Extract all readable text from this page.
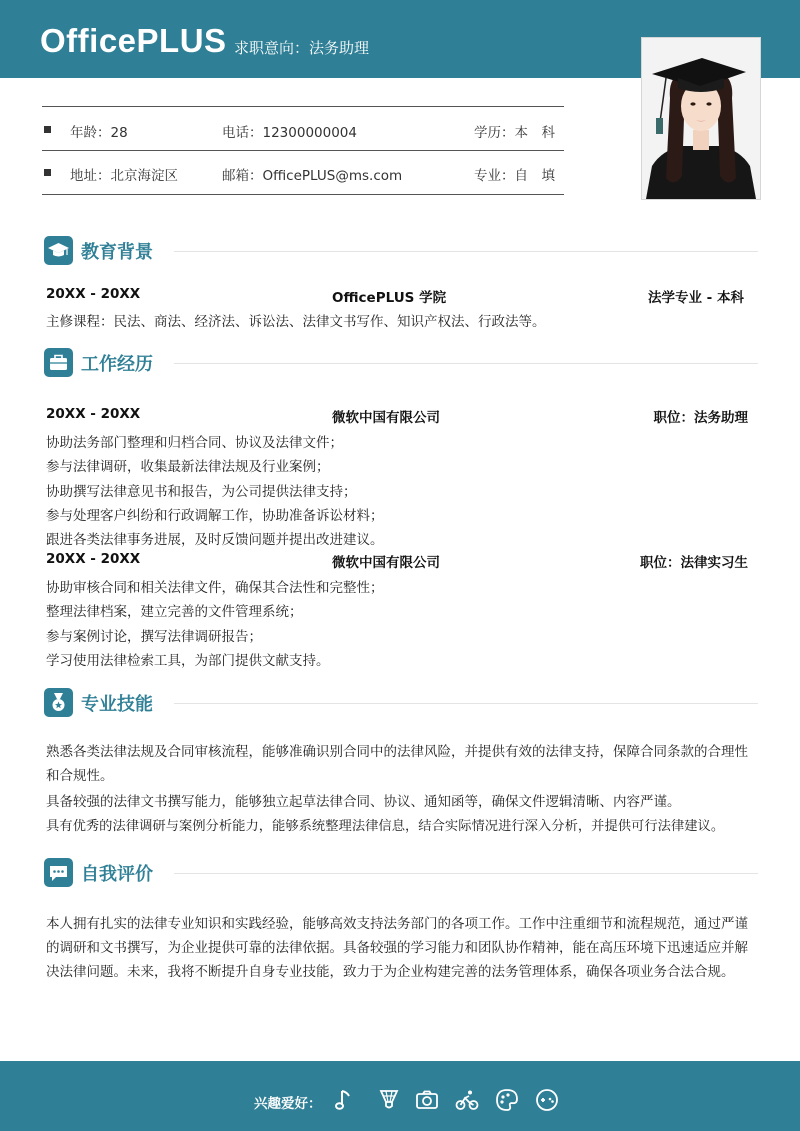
OfficePLUS 求职意向：法务助理
年龄：28	电话：12300000004	学历：本　科
地址：北京海淀区	邮箱：OfficePLUS@ms.com	专业：自　填
教育背景
20XX - 20XX	OfficePLUS 学院	法学专业 - 本科
主修课程：民法、商法、经济法、诉讼法、法律文书写作、知识产权法、行政法等。
工作经历
20XX - 20XX	微软中国有限公司	职位：法务助理
协助法务部门整理和归档合同、协议及法律文件；
参与法律调研，收集最新法律法规及行业案例；
协助撰写法律意见书和报告，为公司提供法律支持；
参与处理客户纠纷和行政调解工作，协助准备诉讼材料；
跟进各类法律事务进展，及时反馈问题并提出改进建议。
20XX - 20XX	微软中国有限公司	职位：法律实习生
协助审核合同和相关法律文件，确保其合法性和完整性；
整理法律档案，建立完善的文件管理系统；
参与案例讨论，撰写法律调研报告；
学习使用法律检索工具，为部门提供文献支持。
专业技能
熟悉各类法律法规及合同审核流程，能够准确识别合同中的法律风险，并提供有效的法律支持，保障合同条款的合理性和合规性。
具备较强的法律文书撰写能力，能够独立起草法律合同、协议、通知函等，确保文件逻辑清晰、内容严谨。
具有优秀的法律调研与案例分析能力，能够系统整理法律信息，结合实际情况进行深入分析，并提供可行法律建议。
自我评价
本人拥有扎实的法律专业知识和实践经验，能够高效支持法务部门的各项工作。工作中注重细节和流程规范，通过严谨的调研和文书撰写，为企业提供可靠的法律依据。具备较强的学习能力和团队协作精神，能在高压环境下迅速适应并解决法律问题。未来，我将不断提升自身专业技能，致力于为企业构建完善的法务管理体系，确保各项业务合法合规。
兴趣爱好：
